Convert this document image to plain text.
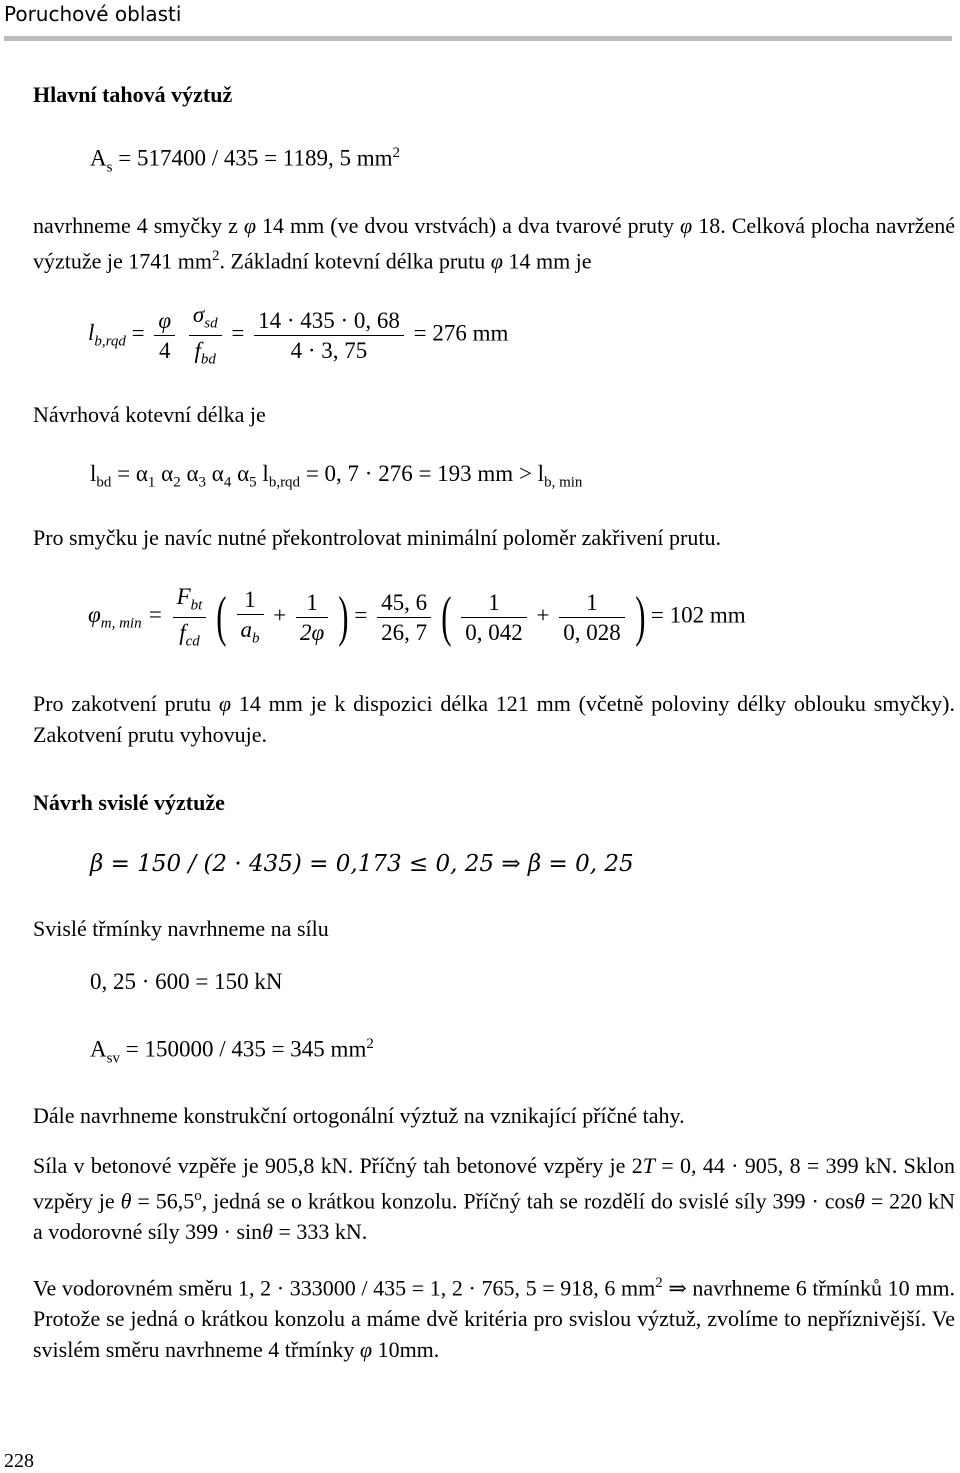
Poruchové oblasti
Hlavní tahová výztuž
$A_s = 517400 / 435 = 1189$, 5 $mm^2$
navrhneme 4 smyčky z φ 14 mm (ve dvou vrstvách) a dva tvarové pruty φ 18. Celková plocha navržené výztuže je 1741 $mm^2$. Základní kotevní délka prutu φ 14 mm je
$l_{b,rqd} = \frac{\varphi}{4}$
$\frac{\sigma_{sd}}{f_{bd}} = \frac{14 \cdot 435 \cdot 0, 68}{4 \cdot 3, 75} = 276$ mm
Návrhová kotevní délka je
$l_{bd} = \alpha_1$ $\alpha_2$ $\alpha_3$ $\alpha_4$ $\alpha_5$ $l_{b,rqd} = 0$, 7 · 276 = 193 mm > $l_{b, min}$
Pro smyčku je navíc nutné překontrolovat minimální poloměr zakřivení prutu.
$\varphi_{m, min} = \frac{F_{bt}}{f_{cd}}$ ( $\frac{1}{a_b} + \frac{1}{2\varphi}$ ) = $\frac{45, 6}{26, 7}$ ( $\frac{1}{0, 042} + \frac{1}{0, 028}$ ) = 102 mm
Pro zakotvení prutu φ 14 mm je k dispozici délka 121 mm (včetně poloviny délky oblouku smyčky). Zakotvení prutu vyhovuje.
Návrh svislé výztuže
β = 150 / (2 · 435) = 0,173 ≤ 0, 25 ⇒ β = 0, 25
Svislé třmínky navrhneme na sílu
0, 25 · 600 = 150 kN
$A_{sv} = 150000 / 435 = 345$ $mm^2$
Dále navrhneme konstrukční ortogonální výztuž na vznikající příčné tahy.
Síla v betonové vzpěře je 905,8 kN. Příčný tah betonové vzpěry je 2T = 0, 44 · 905, 8 = 399 kN. Sklon vzpěry je $\theta = 56,5^o$, jedná se o krátkou konzolu. Příčný tah se rozdělí do svislé síly 399 · cosθ = 220 kN a vodorovné síly 399 · sinθ = 333 kN.
Ve vodorovném směru 1, 2 · 333000 / 435 = 1, 2 · 765, 5 = 918, 6 $mm^2$ ⇒ navrhneme 6 třmínků 10 mm. Protože se jedná o krátkou konzolu a máme dvě kritéria pro svislou výztuž, zvolíme to nepříznivější. Ve svislém směru navrhneme 4 třmínky φ 10mm.
228
